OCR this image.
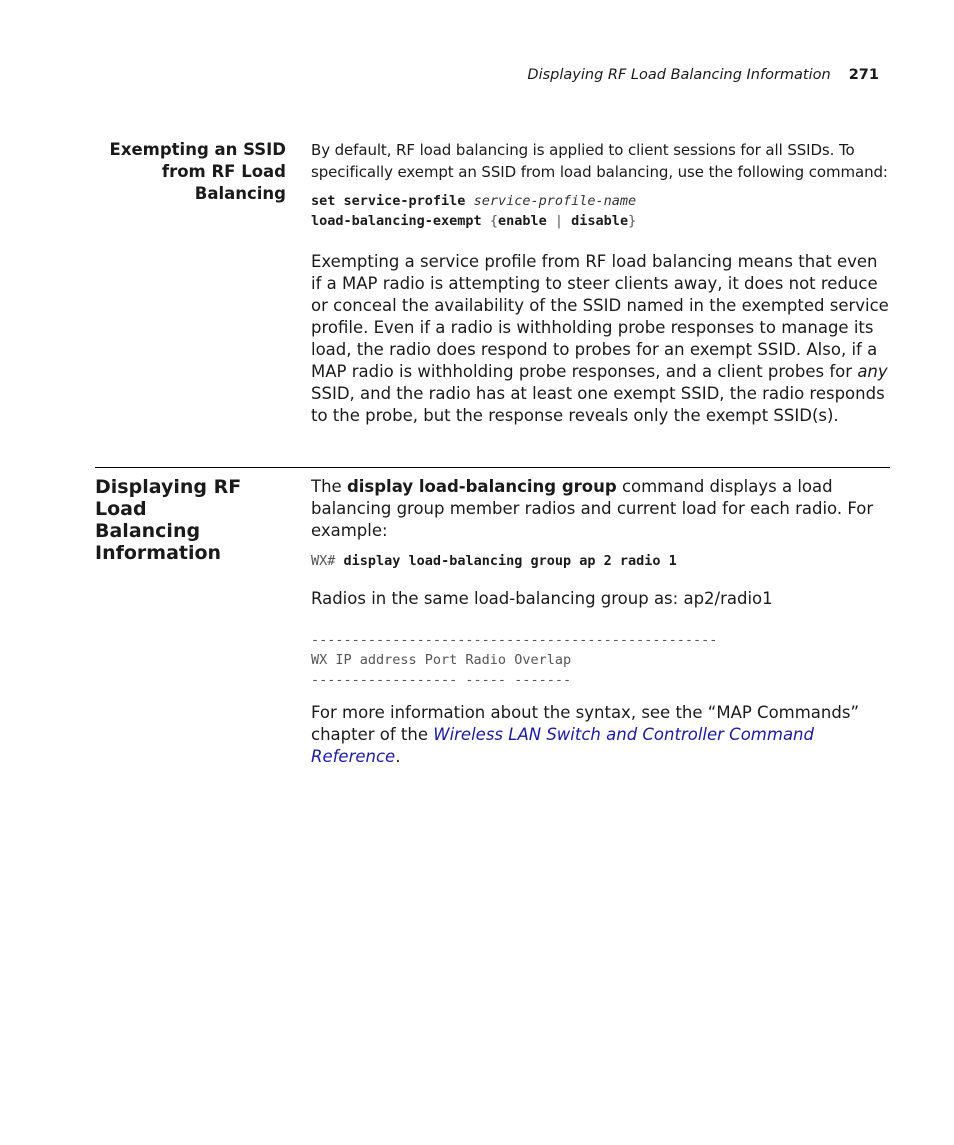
Displaying RF Load Balancing Information 271
Exempting an SSID
from RF Load
Balancing

By default, RF load balancing is applied to client sessions for all SSIDs. To specifically exempt an SSID from load balancing, use the following command:

set service-profile service-profile-name
load-balancing-exempt {enable | disable}

Exempting a service profile from RF load balancing means that even if a MAP radio is attempting to steer clients away, it does not reduce or conceal the availability of the SSID named in the exempted service profile. Even if a radio is withholding probe responses to manage its load, the radio does respond to probes for an exempt SSID. Also, if a MAP radio is withholding probe responses, and a client probes for any SSID, and the radio has at least one exempt SSID, the radio responds to the probe, but the response reveals only the exempt SSID(s).

Displaying RF Load
Balancing
Information

The display load-balancing group command displays a load balancing group member radios and current load for each radio. For example:

WX# display load-balancing group ap 2 radio 1

Radios in the same load-balancing group as: ap2/radio1

--------------------------------------------------
WX IP address Port Radio Overlap
------------------ ----- -------

For more information about the syntax, see the “MAP Commands” chapter of the Wireless LAN Switch and Controller Command Reference.
